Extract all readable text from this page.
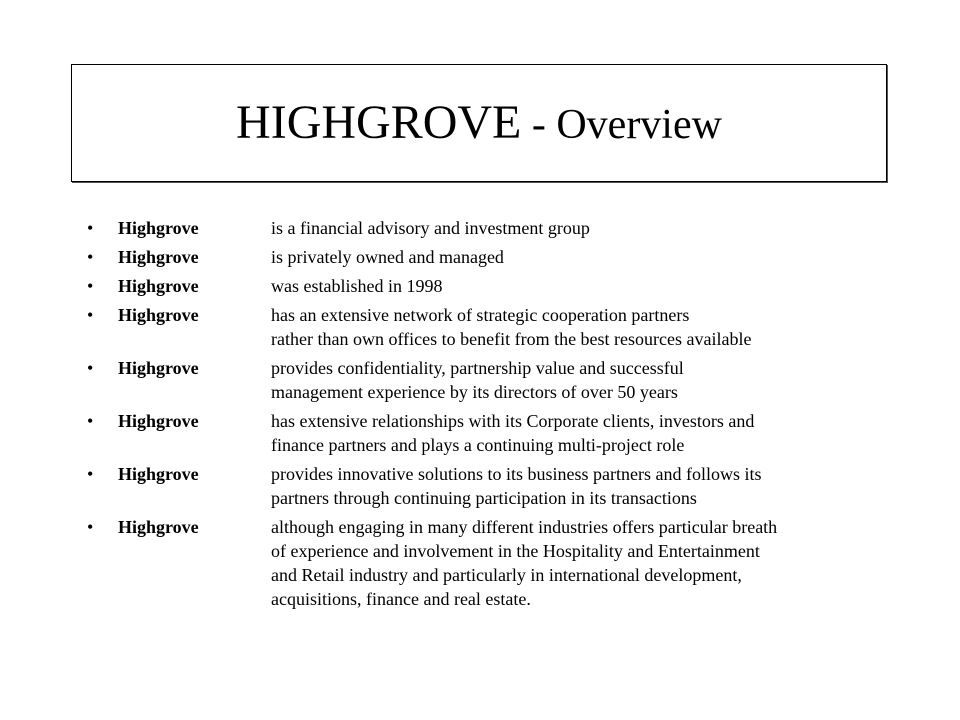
HIGHGROVE - Overview
• Highgrove	is a financial advisory and investment group
• Highgrove	is privately owned and managed
• Highgrove	was established in 1998
• Highgrove	has an extensive network of strategic cooperation partners
rather than own offices to benefit from the best resources available
• Highgrove	provides confidentiality, partnership value and successful
management experience by its directors of over 50 years
• Highgrove	has extensive relationships with its Corporate clients, investors and
finance partners and plays a continuing multi-project role
• Highgrove	provides innovative solutions to its business partners and follows its
partners through continuing participation in its transactions
• Highgrove	although engaging in many different industries offers particular breath
of experience and involvement in the Hospitality and Entertainment
and Retail industry and particularly in international development,
acquisitions, finance and real estate.
